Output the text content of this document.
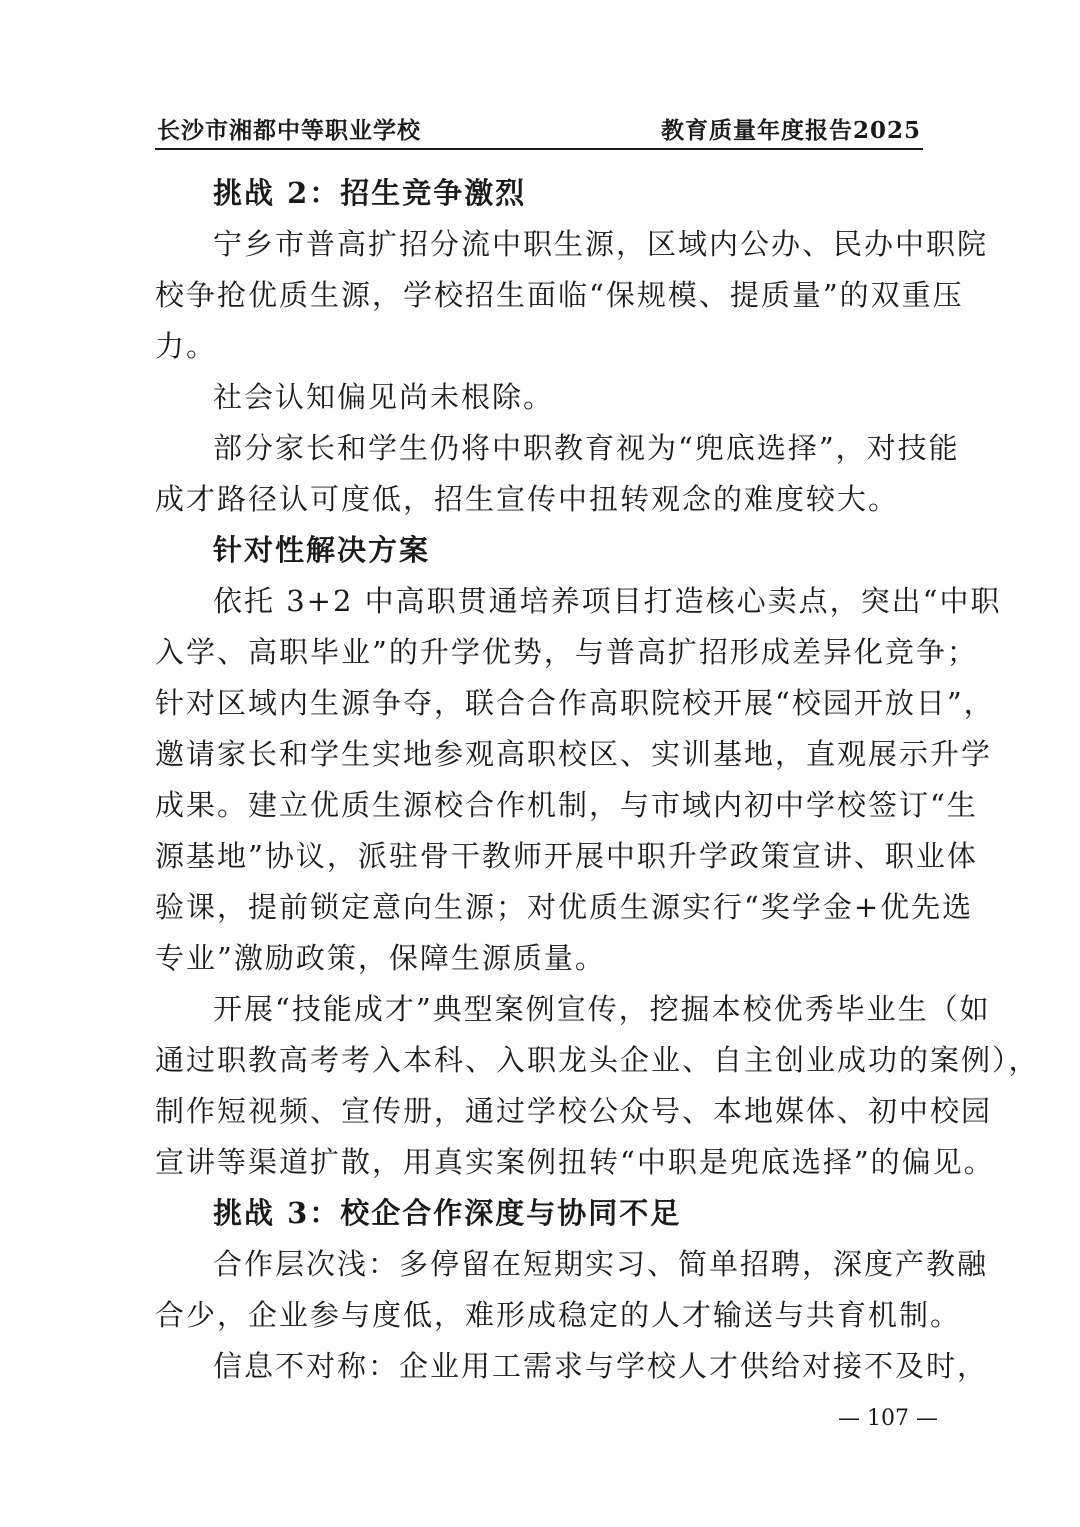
长沙市湘都中等职业学校	教育质量年度报告2025
挑战 2：招生竞争激烈
宁乡市普高扩招分流中职生源，区域内公办、民办中职院
校争抢优质生源，学校招生面临“保规模、提质量”的双重压
力。
社会认知偏见尚未根除。
部分家长和学生仍将中职教育视为“兜底选择”，对技能
成才路径认可度低，招生宣传中扭转观念的难度较大。
针对性解决方案
依托 3+2 中高职贯通培养项目打造核心卖点，突出“中职
入学、高职毕业”的升学优势，与普高扩招形成差异化竞争；
针对区域内生源争夺，联合合作高职院校开展“校园开放日”，
邀请家长和学生实地参观高职校区、实训基地，直观展示升学
成果。建立优质生源校合作机制，与市域内初中学校签订“生
源基地”协议，派驻骨干教师开展中职升学政策宣讲、职业体
验课，提前锁定意向生源；对优质生源实行“奖学金+优先选
专业”激励政策，保障生源质量。
开展“技能成才”典型案例宣传，挖掘本校优秀毕业生（如
通过职教高考考入本科、入职龙头企业、自主创业成功的案例），
制作短视频、宣传册，通过学校公众号、本地媒体、初中校园
宣讲等渠道扩散，用真实案例扭转“中职是兜底选择”的偏见。
挑战 3：校企合作深度与协同不足
合作层次浅：多停留在短期实习、简单招聘，深度产教融
合少，企业参与度低，难形成稳定的人才输送与共育机制。
信息不对称：企业用工需求与学校人才供给对接不及时，
— 107 —
